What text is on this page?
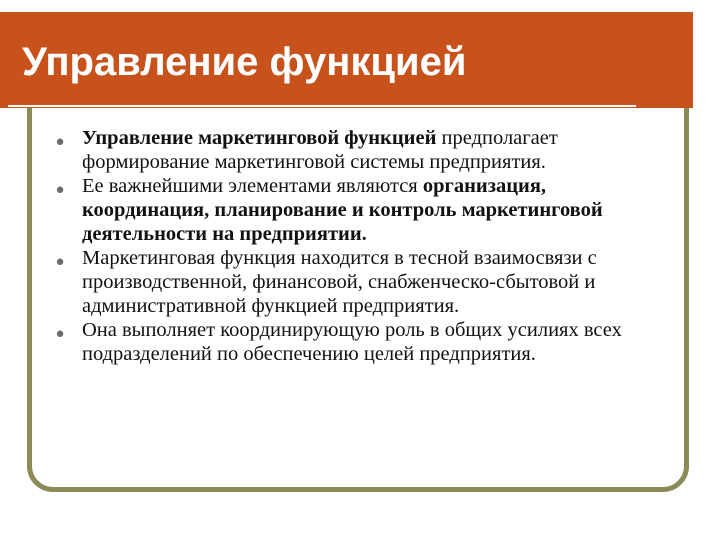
Управление функцией

●
Управление маркетинговой функцией предполагает формирование маркетинговой системы предприятия.

●
Ее важнейшими элементами являются организация, координация, планирование и контроль маркетинговой деятельности на предприятии.

●
Маркетинговая функция находится в тесной взаимосвязи с производственной, финансовой, снабженческо-сбытовой и административной функцией предприятия.

●
Она выполняет координирующую роль в общих усилиях всех подразделений по обеспечению целей предприятия.
